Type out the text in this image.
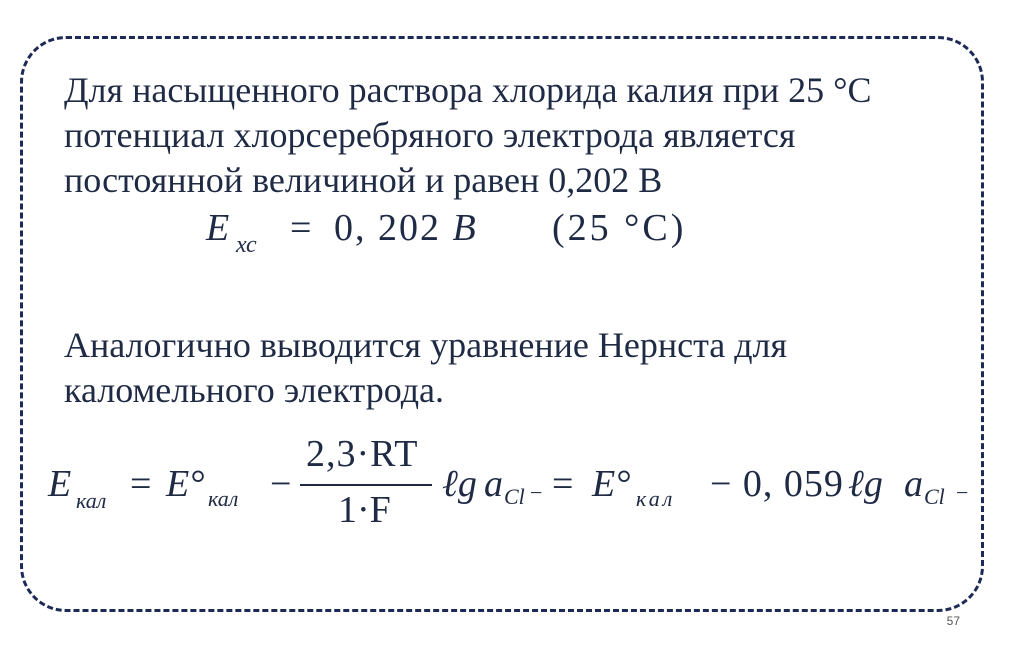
Для насыщенного раствора хлорида калия при 25 °С
потенциал хлорсеребряного электрода является
постоянной величиной и равен 0,202 В
E хс = 0, 202 B (25 °C)
Аналогично выводится уравнение Нернста для
каломельного электрода.
E кал = E° кал −
2,3·RT
1·F
ℓg a Cl − = E° кал − 0, 059 ℓg a Cl −
57
